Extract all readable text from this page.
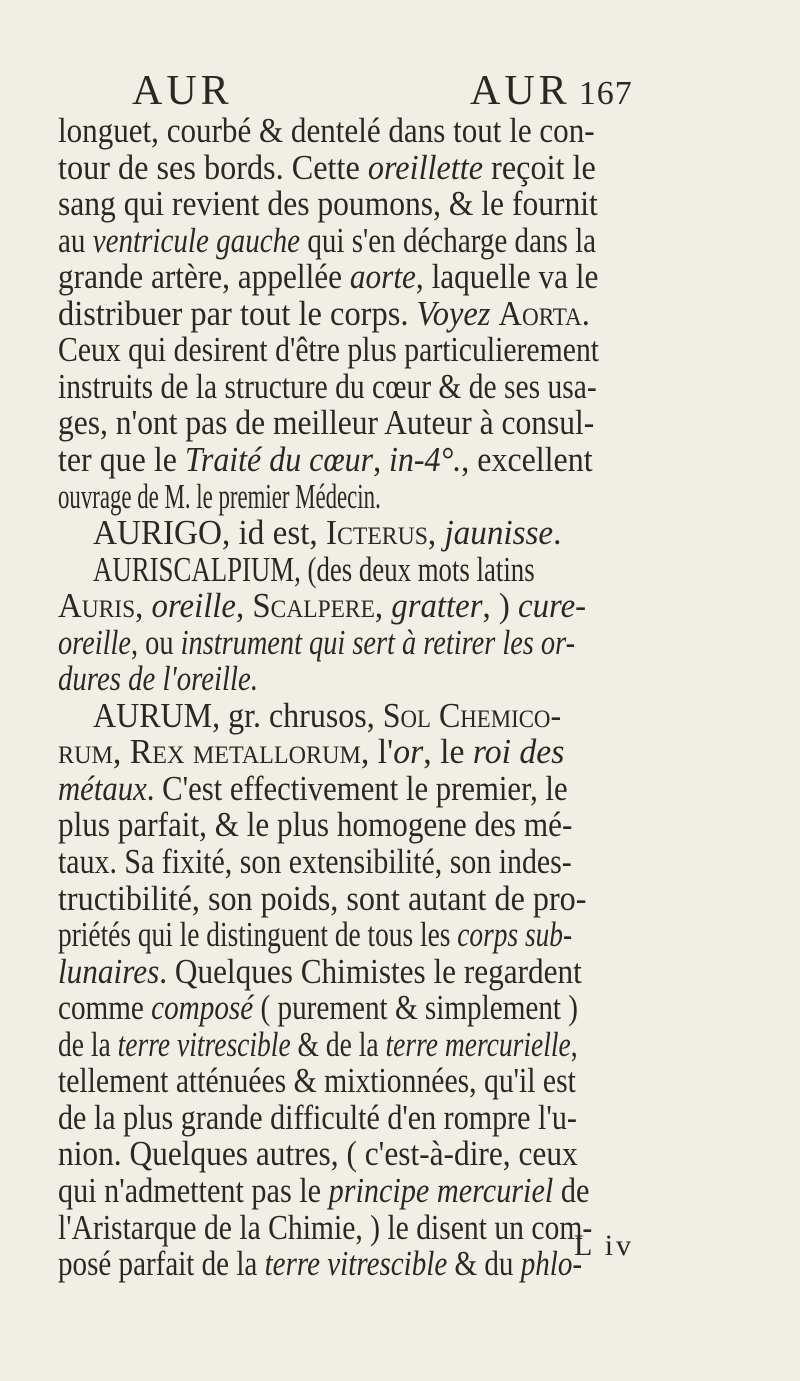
AUR	AUR 167
longuet, courbé & dentelé dans tout le con-
tour de ses bords. Cette oreillette reçoit le
sang qui revient des poumons, & le fournit
au ventricule gauche qui s'en décharge dans la
grande artère, appellée aorte, laquelle va le
distribuer par tout le corps. Voyez Aorta.
Ceux qui desirent d'être plus particulierement
instruits de la structure du cœur & de ses usa-
ges, n'ont pas de meilleur Auteur à consul-
ter que le Traité du cœur, in-4°., excellent
ouvrage de M. le premier Médecin.
AURIGO, id est, Icterus, jaunisse.
AURISCALPIUM, (des deux mots latins
Auris, oreille, Scalpere, gratter, ) cure-
oreille, ou instrument qui sert à retirer les or-
dures de l'oreille.
AURUM, gr. chrusos, Sol Chemico-
rum, Rex metallorum, l'or, le roi des
métaux. C'est effectivement le premier, le
plus parfait, & le plus homogene des mé-
taux. Sa fixité, son extensibilité, son indes-
tructibilité, son poids, sont autant de pro-
priétés qui le distinguent de tous les corps sub-
lunaires. Quelques Chimistes le regardent
comme composé ( purement & simplement )
de la terre vitrescible & de la terre mercurielle,
tellement atténuées & mixtionnées, qu'il est
de la plus grande difficulté d'en rompre l'u-
nion. Quelques autres, ( c'est-à-dire, ceux
qui n'admettent pas le principe mercuriel de
l'Aristarque de la Chimie, ) le disent un com-
posé parfait de la terre vitrescible & du phlo-
L iv
